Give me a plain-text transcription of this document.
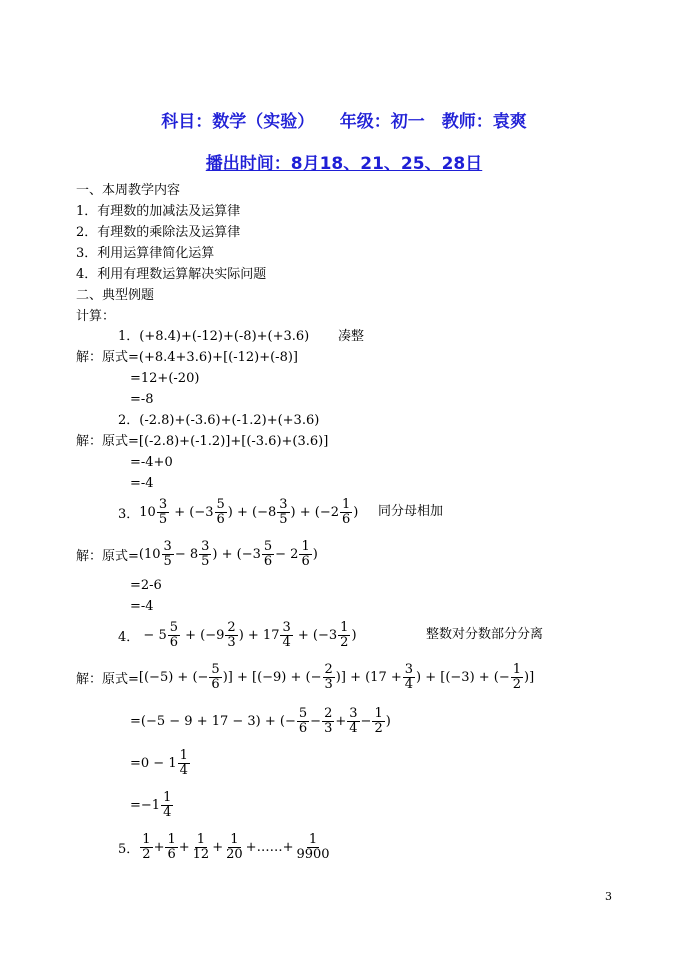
科目：数学（实验）　　年级：初一　教师：袁爽
播出时间：8月18、21、25、28日
一、本周教学内容
1．有理数的加减法及运算律
2．有理数的乘除法及运算律
3．利用运算律简化运算
4．利用有理数运算解决实际问题
二、典型例题
计算：
1．(+8.4)+(-12)+(-8)+(+3.6) 凑整
解：原式=(+8.4+3.6)+[(-12)+(-8)]
=12+(-20)
=-8
2．(-2.8)+(-3.6)+(-1.2)+(+3.6)
解：原式=[(-2.8)+(-1.2)]+[(-3.6)+(3.6)]
=-4+0
=-4
3． $10 \frac{3}{5} + (-3 \frac{5}{6}$ ) + ($-8 \frac{3}{5}$ ) + ($-2 \frac{1}{6}$ ) 同分母相加
解：原式= ($10 \frac{3}{5} - 8 \frac{3}{5}$ ) + ($-3 \frac{5}{6} - 2 \frac{1}{6}$ )
=2-6
=-4
4． − $5 \frac{5}{6} + (-9 \frac{2}{3}$ ) + $17 \frac{3}{4} + (-3 \frac{1}{2}$ )	整数对分数部分分离
解：原式= [(−5) + (− $\frac{5}{6}$ )] + [(−9) + (− $\frac{2}{3}$ )] + ($17 + \frac{3}{4}$ ) + [(−3) + (− $\frac{1}{2}$ )]
=(−5 − 9 + 17 − 3) + (− $\frac{5}{6} - \frac{2}{3} + \frac{3}{4} - \frac{1}{2}$ )
$=0 - 1 \frac{1}{4}$
$=-1 \frac{1}{4}$
5． $\frac{1}{2} + \frac{1}{6} + \frac{1}{12} + \frac{1}{20}$ + …… + $\frac{1}{9900}$
3
